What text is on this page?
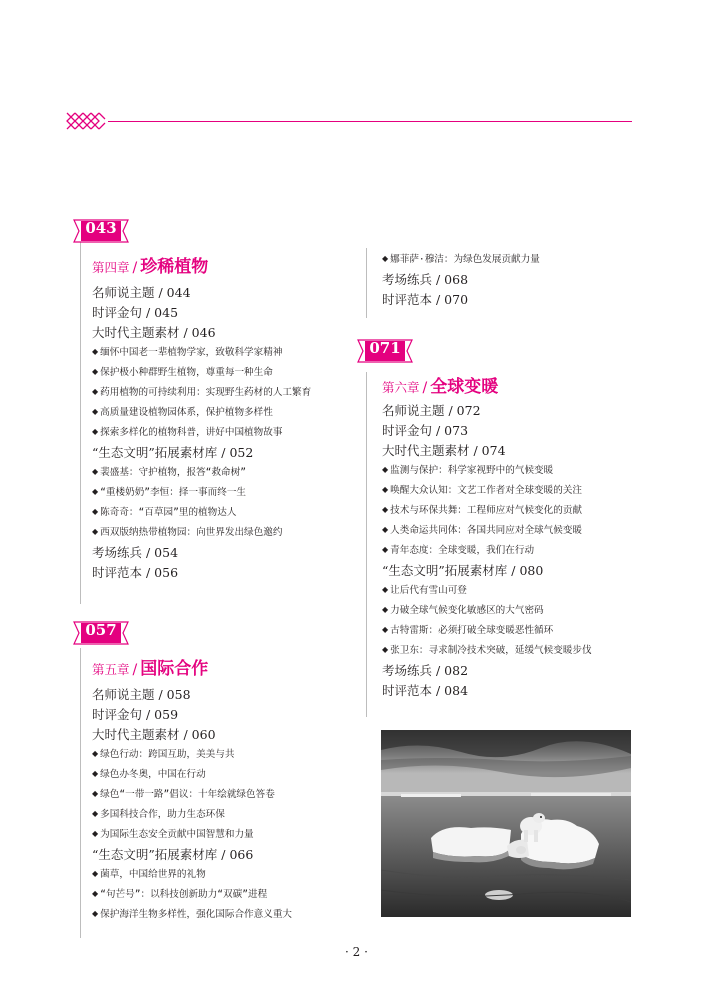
043
第四章 / 珍稀植物
名师说主题 / 044
时评金句 / 045
大时代主题素材 / 046
◆ 缅怀中国老一辈植物学家，致敬科学家精神
◆ 保护极小种群野生植物，尊重每一种生命
◆ 药用植物的可持续利用：实现野生药材的人工繁育
◆ 高质量建设植物园体系，保护植物多样性
◆ 探索多样化的植物科普，讲好中国植物故事
“生态文明”拓展素材库 / 052
◆ 裴盛基：守护植物，报答“救命树”
◆ “重楼奶奶”李恒：择一事而终一生
◆ 陈奇奇：“百草园”里的植物达人
◆ 西双版纳热带植物园：向世界发出绿色邀约
考场练兵 / 054
时评范本 / 056
057
第五章 / 国际合作
名师说主题 / 058
时评金句 / 059
大时代主题素材 / 060
◆ 绿色行动：跨国互助，美美与共
◆ 绿色办冬奥，中国在行动
◆ 绿色“一带一路”倡议：十年绘就绿色答卷
◆ 多国科技合作，助力生态环保
◆ 为国际生态安全贡献中国智慧和力量
“生态文明”拓展素材库 / 066
◆ 菌草，中国给世界的礼物
◆ “句芒号”：以科技创新助力“双碳”进程
◆ 保护海洋生物多样性，强化国际合作意义重大
◆ 娜菲萨·穆洁：为绿色发展贡献力量
考场练兵 / 068
时评范本 / 070
071
第六章 / 全球变暖
名师说主题 / 072
时评金句 / 073
大时代主题素材 / 074
◆ 监测与保护：科学家视野中的气候变暖
◆ 唤醒大众认知：文艺工作者对全球变暖的关注
◆ 技术与环保共舞：工程师应对气候变化的贡献
◆ 人类命运共同体：各国共同应对全球气候变暖
◆ 青年态度：全球变暖，我们在行动
“生态文明”拓展素材库 / 080
◆ 让后代有雪山可登
◆ 力破全球气候变化敏感区的大气密码
◆ 古特雷斯：必须打破全球变暖恶性循环
◆ 张卫东：寻求制冷技术突破，延缓气候变暖步伐
考场练兵 / 082
时评范本 / 084
· 2 ·
